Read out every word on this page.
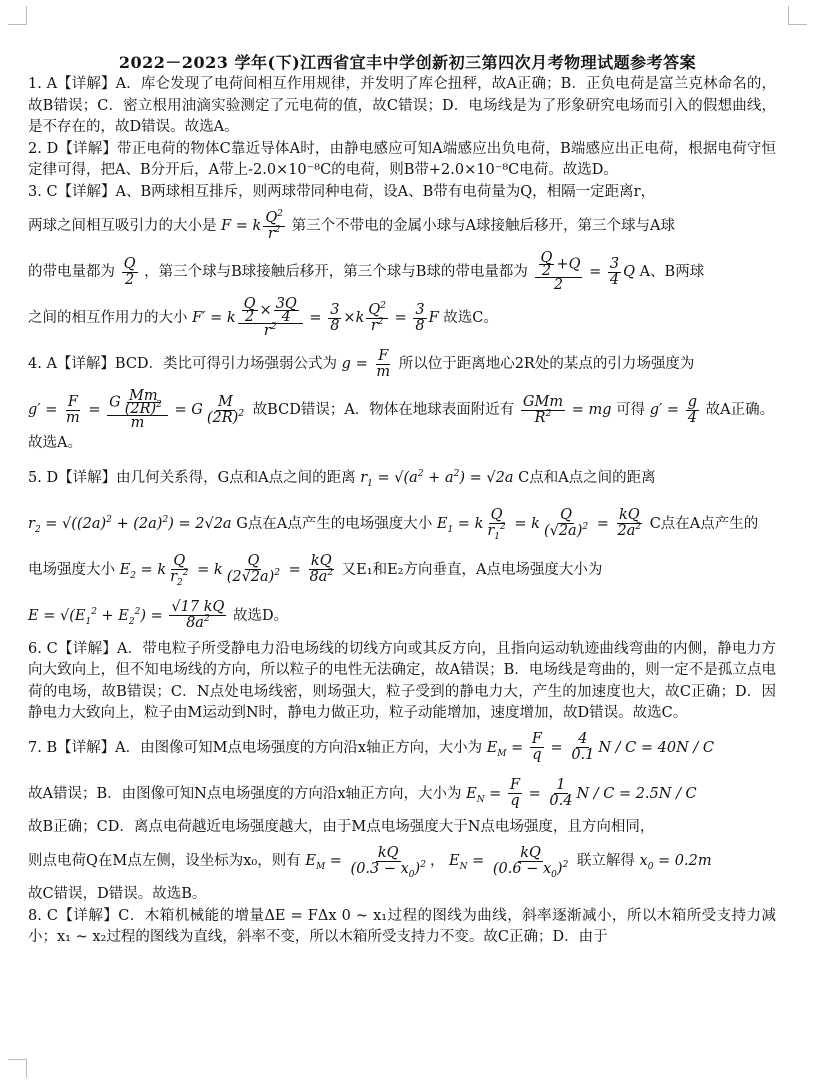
2022－2023 学年(下)江西省宜丰中学创新初三第四次月考物理试题参考答案

1. A【详解】A．库仑发现了电荷间相互作用规律，并发明了库仑扭秤，故A正确；B．正负电荷是富兰克林命名的，故B错误；C．密立根用油滴实验测定了元电荷的值，故C错误；D．电场线是为了形象研究电场而引入的假想曲线，是不存在的，故D错误。故选A。

2. D【详解】带正电荷的物体C靠近导体A时，由静电感应可知A端感应出负电荷，B端感应出正电荷，根据电荷守恒定律可得，把A、B分开后，A带上-2.0×10⁻⁸C的电荷，则B带+2.0×10⁻⁸C电荷。故选D。

3. C【详解】A、B两球相互排斥，则两球带同种电荷，设A、B带有电荷量为Q，相隔一定距离r，

两球之间相互吸引力的大小是 F = k $\frac{Q^2}{r^2}$ 第三个不带电的金属小球与A球接触后移开，第三个球与A球

的带电量都为 $\frac{Q}{2}$ ，第三个球与B球接触后移开，第三个球与B球的带电量都为 $\frac{\frac{Q}{2} +Q}{2} = \frac{3}{4}$ Q A、B两球

之间的相互作用力的大小 F′ = k $\frac{\frac{Q}{2} \times \frac{3Q}{4}}{r^2} = \frac{3}{8} \times k \frac{Q^2}{r^2} = \frac{3}{8}$ F 故选C。

4. A【详解】BCD．类比可得引力场强弱公式为 $g = \frac{F}{m}$ 所以位于距离地心2R处的某点的引力场强度为

$g' = \frac{F}{m} = \frac{G \frac{Mm}{(2R)^2}}{m} = G \frac{M}{(2R)^2}$ 故BCD错误；A．物体在地球表面附近有 $\frac{\text{GMm}}{R^2}$ = mg 可得 $g' = \frac{g}{4}$ 故A正确。

故选A。

5. D【详解】由几何关系得，G点和A点之间的距离 $r_1 = √(a^2 + a^2) = √2a$ C点和A点之间的距离

$r_2 = √((2a)^2 + (2a)^2) = 2√2a$ G点在A点产生的电场强度大小 $E_1 = k \frac{Q}{r_1^2} = k \frac{Q}{(√2a)^2} = \frac{kQ}{2a^2}$ C点在A点产生的

电场强度大小 $E_2 = k \frac{Q}{r_2^2} = k \frac{Q}{(2√2a)^2} = \frac{kQ}{8a^2}$ 又E₁和E₂方向垂直，A点电场强度大小为

$E = √(E_1^2 + E_2^2) = \frac{√17 kQ}{8a^2}$ 故选D。

6. C【详解】A．带电粒子所受静电力沿电场线的切线方向或其反方向，且指向运动轨迹曲线弯曲的内侧，静电力方向大致向上，但不知电场线的方向，所以粒子的电性无法确定，故A错误；B．电场线是弯曲的，则一定不是孤立点电荷的电场，故B错误；C．N点处电场线密，则场强大，粒子受到的静电力大，产生的加速度也大，故C正确；D．因静电力大致向上，粒子由M运动到N时，静电力做正功，粒子动能增加，速度增加，故D错误。故选C。

7. B【详解】A．由图像可知M点电场强度的方向沿x轴正方向，大小为 $E_M = \frac{F}{q} = \frac{4}{0.1}$ N / C = 40N / C

故A错误；B．由图像可知N点电场强度的方向沿x轴正方向，大小为 $E_N = \frac{F}{q} = \frac{1}{0.4}$ N / C = 2.5N / C

故B正确；CD．离点电荷越近电场强度越大，由于M点电场强度大于N点电场强度，且方向相同，

则点电荷Q在M点左侧，设坐标为x₀，则有 $E_M = \frac{kQ}{(0.3 - x_0)^2}$ ， $E_N = \frac{kQ}{(0.6 - x_0)^2}$ 联立解得 $x_0 = 0.2m$

故C错误，D错误。故选B。

8. C【详解】C．木箱机械能的增量ΔE = FΔx 0 ~ x₁过程的图线为曲线，斜率逐渐减小，所以木箱所受支持力减小；x₁ ~ x₂过程的图线为直线，斜率不变，所以木箱所受支持力不变。故C正确；D．由于
